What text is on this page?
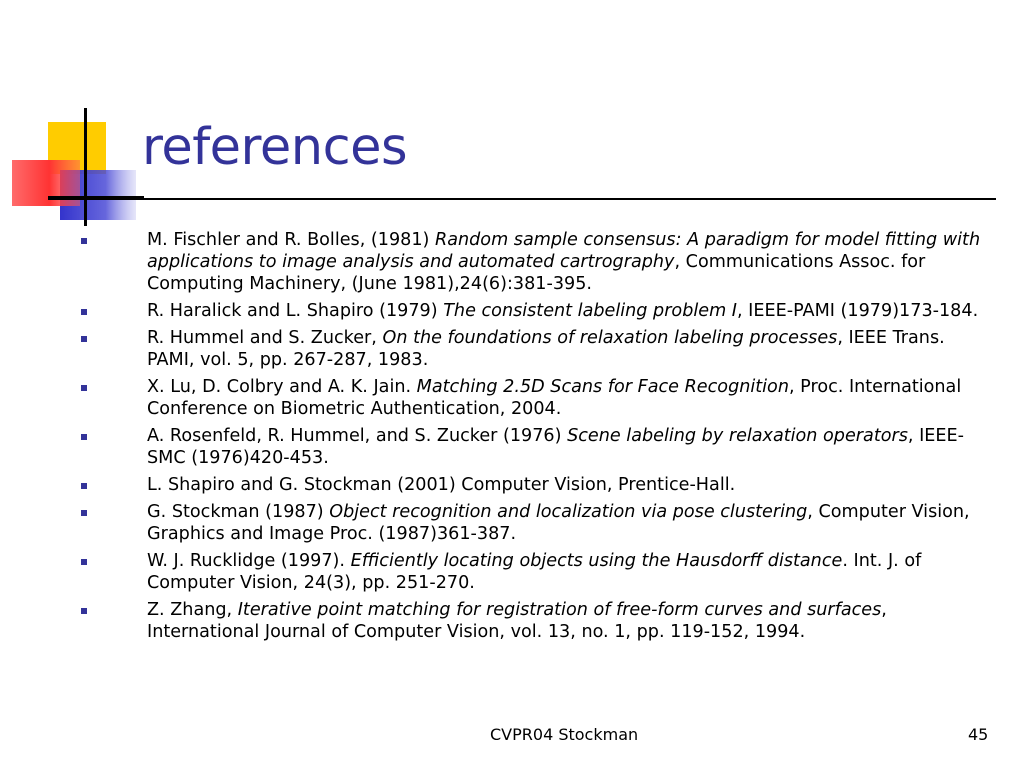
references
M. Fischler and R. Bolles, (1981) Random sample consensus: A paradigm for model fitting with applications to image analysis and automated cartrography, Communications Assoc. for Computing Machinery, (June 1981),24(6):381-395.
R. Haralick and L. Shapiro (1979) The consistent labeling problem I, IEEE-PAMI (1979)173-184.
R. Hummel and S. Zucker, On the foundations of relaxation labeling processes, IEEE Trans. PAMI, vol. 5, pp. 267-287, 1983.
X. Lu, D. Colbry and A. K. Jain. Matching 2.5D Scans for Face Recognition, Proc. International Conference on Biometric Authentication, 2004.
A. Rosenfeld, R. Hummel, and S. Zucker (1976) Scene labeling by relaxation operators, IEEE-SMC (1976)420-453.
L. Shapiro and G. Stockman (2001) Computer Vision, Prentice-Hall.
G. Stockman (1987) Object recognition and localization via pose clustering, Computer Vision, Graphics and Image Proc. (1987)361-387.
W. J. Rucklidge (1997). Efficiently locating objects using the Hausdorff distance. Int. J. of Computer Vision, 24(3), pp. 251-270.
Z. Zhang, Iterative point matching for registration of free-form curves and surfaces, International Journal of Computer Vision, vol. 13, no. 1, pp. 119-152, 1994.
CVPR04 Stockman	45
